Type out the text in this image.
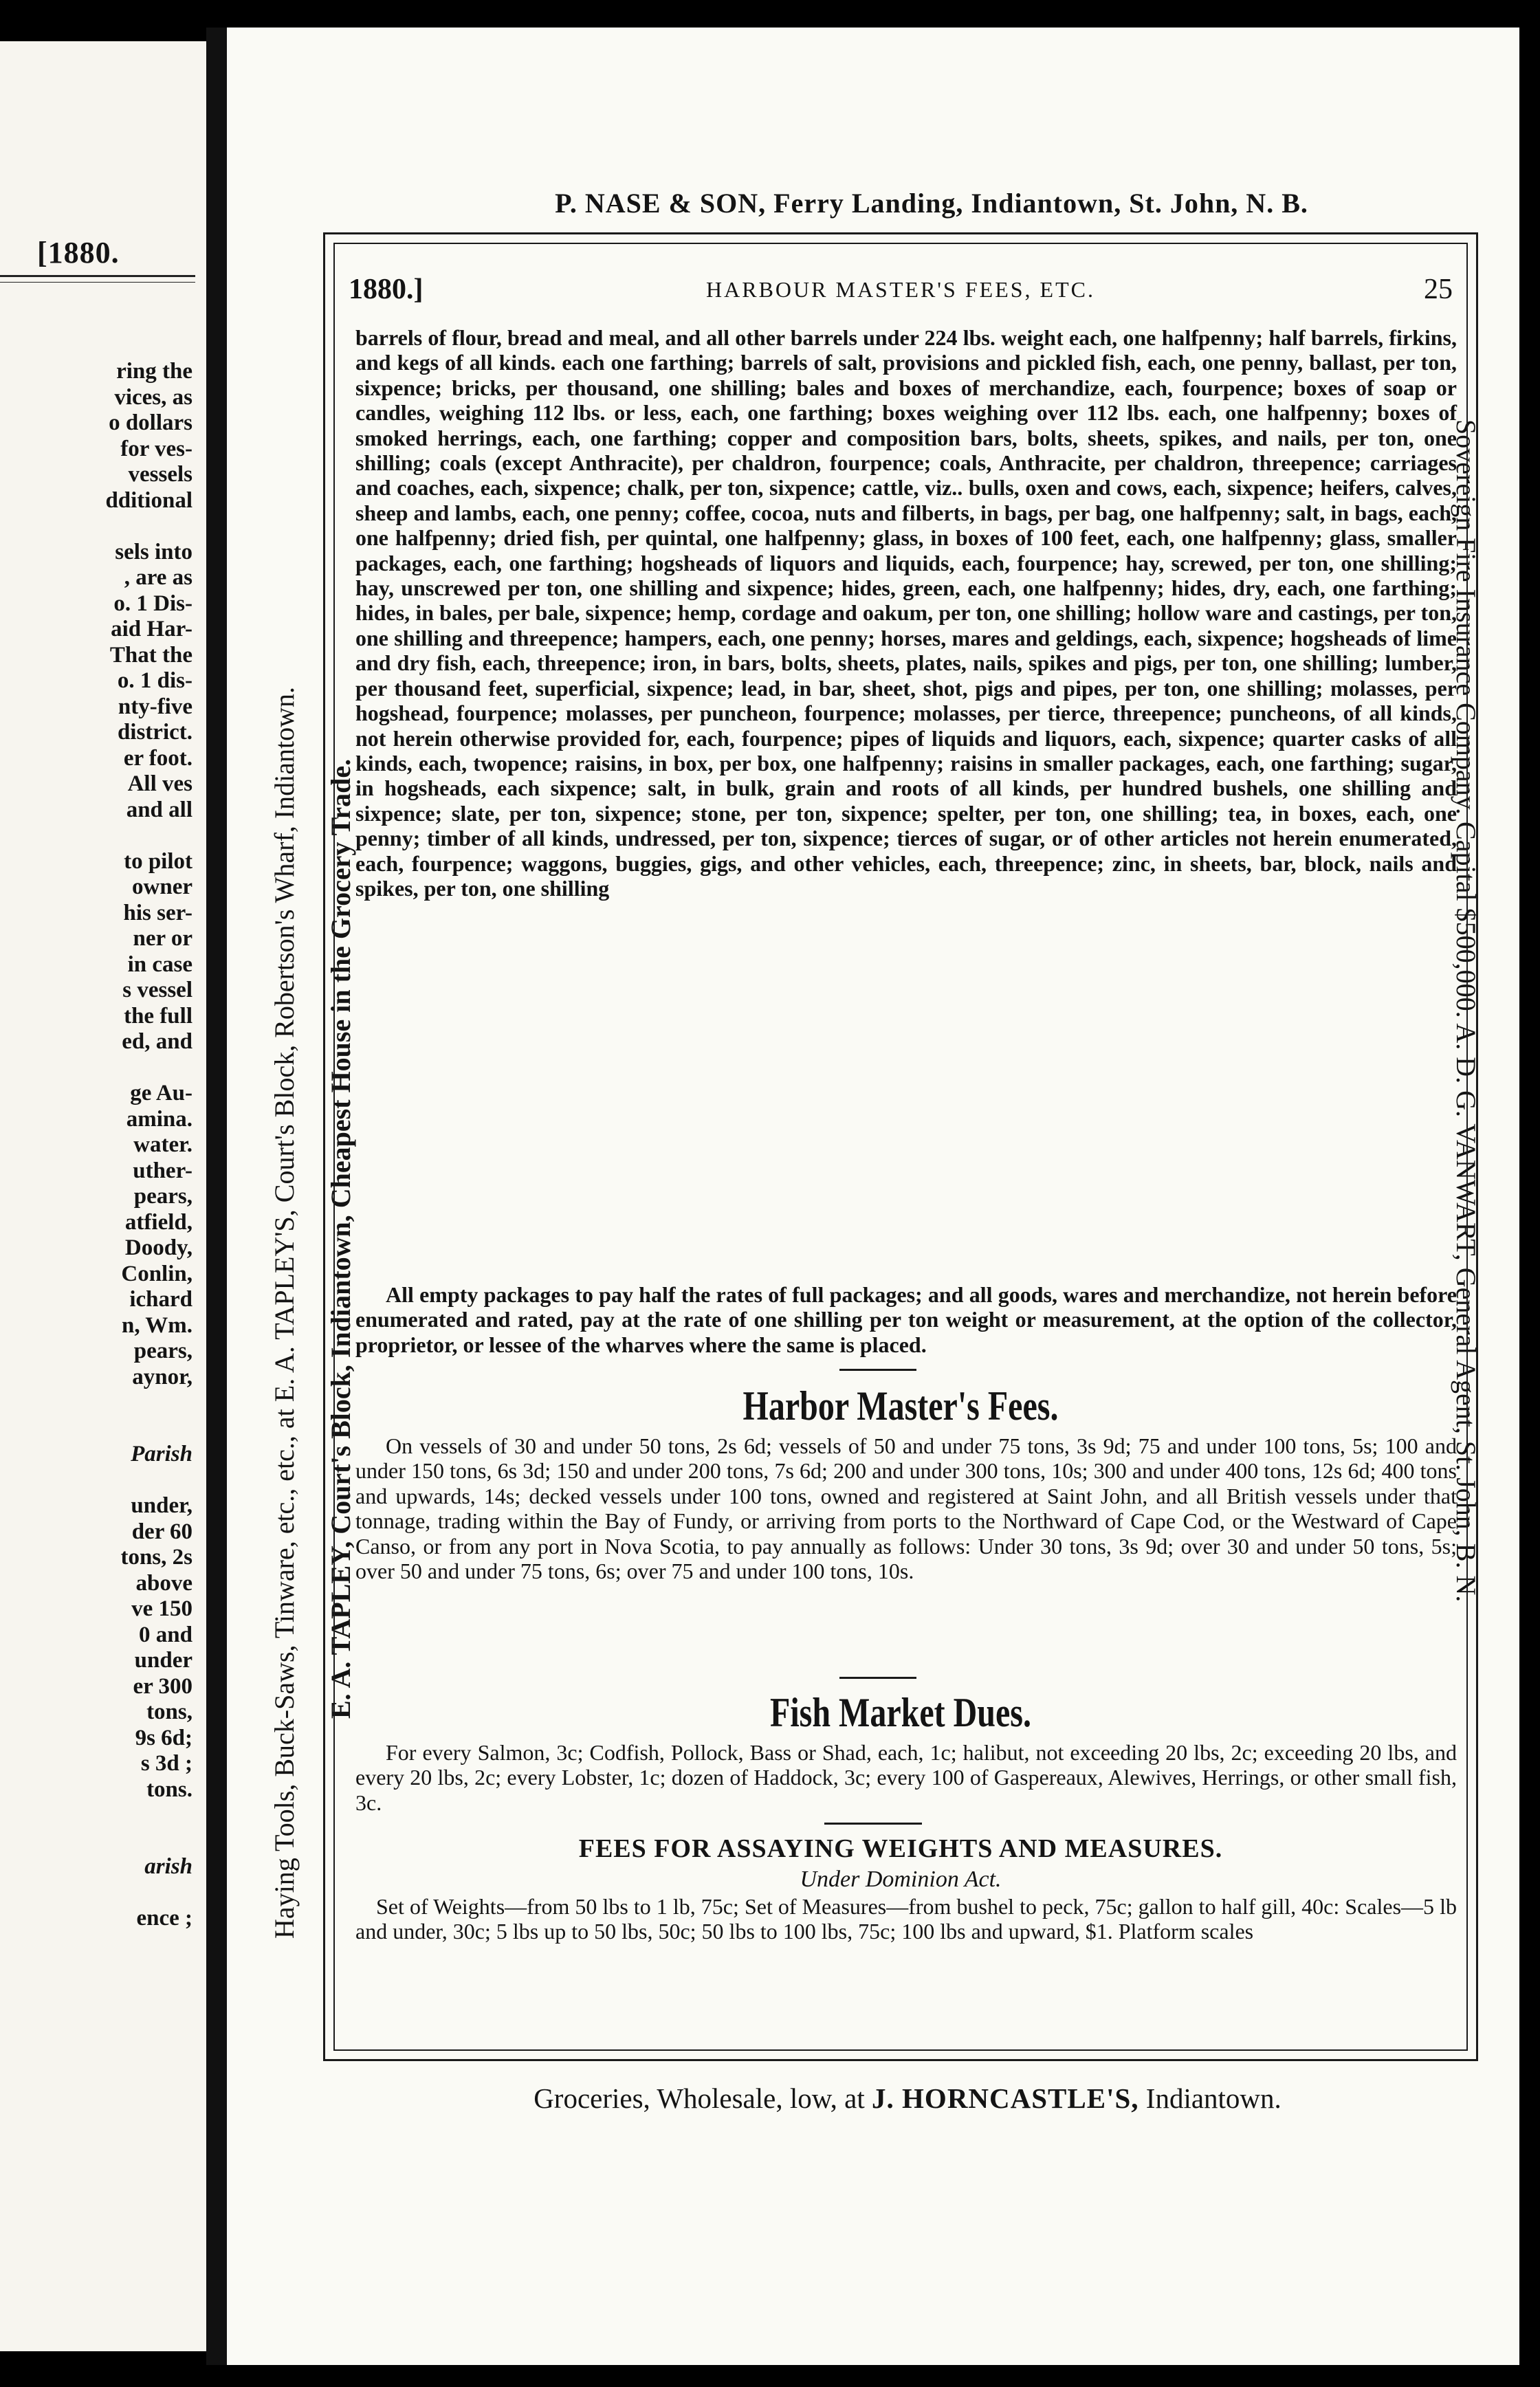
[1880.
ring the
vices, as
o dollars
for ves-
vessels
dditional

sels into
, are as
o. 1 Dis-
aid Har-
That the
o. 1 dis-
nty-five
district.
er foot.
All ves
and all

to pilot
owner
his ser-
ner or
in case
s vessel
the full
ed, and

ge Au-
amina.
water.
uther-
pears,
atfield,
Doody,
Conlin,
ichard
n, Wm.
pears,
aynor,

Parish

under,
der 60
tons, 2s
above
ve 150
0 and
under
er 300
tons,
9s 6d;
s 3d ;
tons.

arish

ence ;
P. NASE & SON, Ferry Landing, Indiantown, St. John, N. B.
Haying Tools, Buck-Saws, Tinware, etc., etc., at E. A. TAPLEY'S, Court's Block, Robertson's Wharf, Indiantown. E. A. TAPLEY, Court's Block, Indiantown, Cheapest House in the Grocery Trade.	Sovereign Fire Insurance Company. Capital $500,000. A. D. G. VANWART, General Agent, St. John, B. N.
1880.]	HARBOUR MASTER'S FEES, ETC.	25
barrels of flour, bread and meal, and all other barrels under 224 lbs. weight each, one halfpenny; half barrels, firkins, and kegs of all kinds. each one farthing; barrels of salt, provisions and pickled fish, each, one penny, ballast, per ton, sixpence; bricks, per thousand, one shilling; bales and boxes of merchandize, each, fourpence; boxes of soap or candles, weighing 112 lbs. or less, each, one farthing; boxes weighing over 112 lbs. each, one halfpenny; boxes of smoked herrings, each, one farthing; copper and composition bars, bolts, sheets, spikes, and nails, per ton, one shilling; coals (except Anthracite), per chaldron, fourpence; coals, Anthracite, per chaldron, threepence; carriages and coaches, each, sixpence; chalk, per ton, sixpence; cattle, viz.. bulls, oxen and cows, each, sixpence; heifers, calves, sheep and lambs, each, one penny; coffee, cocoa, nuts and filberts, in bags, per bag, one halfpenny; salt, in bags, each, one halfpenny; dried fish, per quintal, one halfpenny; glass, in boxes of 100 feet, each, one halfpenny; glass, smaller packages, each, one farthing; hogsheads of liquors and liquids, each, fourpence; hay, screwed, per ton, one shilling; hay, unscrewed per ton, one shilling and sixpence; hides, green, each, one halfpenny; hides, dry, each, one farthing; hides, in bales, per bale, sixpence; hemp, cordage and oakum, per ton, one shilling; hollow ware and castings, per ton, one shilling and threepence; hampers, each, one penny; horses, mares and geldings, each, sixpence; hogsheads of lime and dry fish, each, threepence; iron, in bars, bolts, sheets, plates, nails, spikes and pigs, per ton, one shilling; lumber, per thousand feet, superficial, sixpence; lead, in bar, sheet, shot, pigs and pipes, per ton, one shilling; molasses, per hogshead, fourpence; molasses, per puncheon, fourpence; molasses, per tierce, threepence; puncheons, of all kinds, not herein otherwise provided for, each, fourpence; pipes of liquids and liquors, each, sixpence; quarter casks of all kinds, each, twopence; raisins, in box, per box, one halfpenny; raisins in smaller packages, each, one farthing; sugar, in hogsheads, each sixpence; salt, in bulk, grain and roots of all kinds, per hundred bushels, one shilling and sixpence; slate, per ton, sixpence; stone, per ton, sixpence; spelter, per ton, one shilling; tea, in boxes, each, one penny; timber of all kinds, undressed, per ton, sixpence; tierces of sugar, or of other articles not herein enumerated, each, fourpence; waggons, buggies, gigs, and other vehicles, each, threepence; zinc, in sheets, bar, block, nails and spikes, per ton, one shilling
All empty packages to pay half the rates of full packages; and all goods, wares and merchandize, not herein before enumerated and rated, pay at the rate of one shilling per ton weight or measurement, at the option of the collector, proprietor, or lessee of the wharves where the same is placed.
Harbor Master's Fees.
On vessels of 30 and under 50 tons, 2s 6d; vessels of 50 and under 75 tons, 3s 9d; 75 and under 100 tons, 5s; 100 and under 150 tons, 6s 3d; 150 and under 200 tons, 7s 6d; 200 and under 300 tons, 10s; 300 and under 400 tons, 12s 6d; 400 tons and upwards, 14s; decked vessels under 100 tons, owned and registered at Saint John, and all British vessels under that tonnage, trading within the Bay of Fundy, or arriving from ports to the Northward of Cape Cod, or the Westward of Cape Canso, or from any port in Nova Scotia, to pay annually as follows: Under 30 tons, 3s 9d; over 30 and under 50 tons, 5s; over 50 and under 75 tons, 6s; over 75 and under 100 tons, 10s.
Fish Market Dues.
For every Salmon, 3c; Codfish, Pollock, Bass or Shad, each, 1c; halibut, not exceeding 20 lbs, 2c; exceeding 20 lbs, and every 20 lbs, 2c; every Lobster, 1c; dozen of Haddock, 3c; every 100 of Gaspereaux, Alewives, Herrings, or other small fish, 3c.
FEES FOR ASSAYING WEIGHTS AND MEASURES.
Under Dominion Act.
Set of Weights—from 50 lbs to 1 lb, 75c; Set of Measures—from bushel to peck, 75c; gallon to half gill, 40c: Scales—5 lb and under, 30c; 5 lbs up to 50 lbs, 50c; 50 lbs to 100 lbs, 75c; 100 lbs and upward, $1. Platform scales
Groceries, Wholesale, low, at J. HORNCASTLE'S, Indiantown.
